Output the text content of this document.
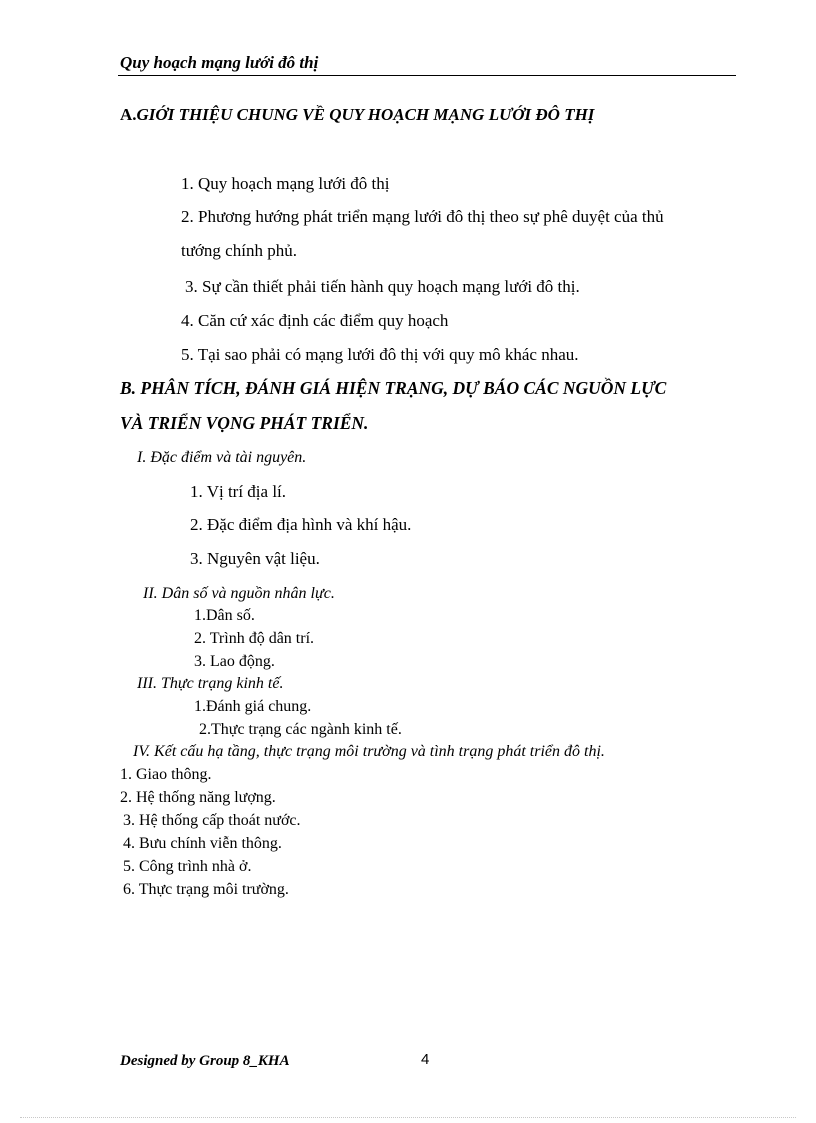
Quy hoạch mạng lưới đô thị
A.GIỚI THIỆU CHUNG VỀ QUY HOẠCH MẠNG LƯỚI ĐÔ THỊ
1. Quy hoạch mạng lưới đô thị
2. Phương hướng phát triển mạng lưới đô thị theo sự phê duyệt của thủ
tướng chính phủ.
3. Sự cần thiết phải tiến hành quy hoạch mạng lưới đô thị.
4. Căn cứ xác định các điểm quy hoạch
5. Tại sao phải có mạng lưới đô thị với quy mô khác nhau.
B. PHÂN TÍCH, ĐÁNH GIÁ HIỆN TRẠNG, DỰ BÁO CÁC NGUỒN LỰC
VÀ TRIỂN VỌNG PHÁT TRIỂN.
I. Đặc điểm và tài nguyên.
1. Vị trí địa lí.
2. Đặc điểm địa hình và khí hậu.
3. Nguyên vật liệu.
II. Dân số và nguồn nhân lực.
1.Dân số.
2. Trình độ dân trí.
3. Lao động.
III. Thực trạng kinh tế.
1.Đánh giá chung.
2.Thực trạng các ngành kinh tế.
IV. Kết cấu hạ tầng, thực trạng môi trường và tình trạng phát triển đô thị.
1. Giao thông.
2. Hệ thống năng lượng.
3. Hệ thống cấp thoát nước.
4. Bưu chính viễn thông.
5. Công trình nhà ở.
6. Thực trạng môi trường.
Designed by Group 8_KHA	4
